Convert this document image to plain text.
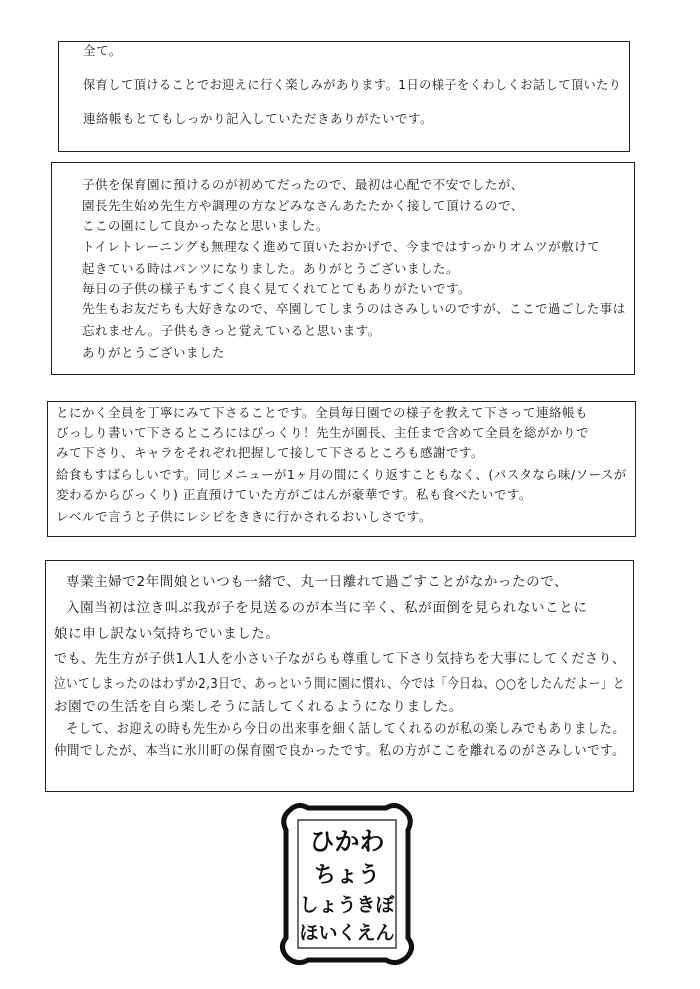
全て。
保育して頂けることでお迎えに行く楽しみがあります。1日の様子をくわしくお話して頂いたり
連絡帳もとてもしっかり記入していただきありがたいです。
子供を保育園に預けるのが初めてだったので、最初は心配で不安でしたが、
園長先生始め先生方や調理の方などみなさんあたたかく接して頂けるので、
ここの園にして良かったなと思いました。
トイレトレーニングも無理なく進めて頂いたおかげで、今まではすっかりオムツが敷けて
起きている時はパンツになりました。ありがとうございました。
毎日の子供の様子もすごく良く見てくれてとてもありがたいです。
先生もお友だちも大好きなので、卒園してしまうのはさみしいのですが、ここで過ごした事は
忘れません。子供もきっと覚えていると思います。
ありがとうございました
とにかく全員を丁寧にみて下さることです。全員毎日園での様子を教えて下さって連絡帳も
びっしり書いて下さるところにはびっくり！先生が園長、主任まで含めて全員を総がかりで
みて下さり、キャラをそれぞれ把握して接して下さるところも感謝です。
給食もすばらしいです。同じメニューが1ヶ月の間にくり返すこともなく、(パスタなら味/ソースが
変わるからびっくり) 正直預けていた方がごはんが豪華です。私も食べたいです。
レベルで言うと子供にレシピをききに行かされるおいしさです。
専業主婦で2年間娘といつも一緒で、丸一日離れて過ごすことがなかったので、
入園当初は泣き叫ぶ我が子を見送るのが本当に辛く、私が面倒を見られないことに
娘に申し訳ない気持ちでいました。
でも、先生方が子供1人1人を小さい子ながらも尊重して下さり気持ちを大事にしてくださり、
泣いてしまったのはわずか2,3日で、あっという間に園に慣れ、今では「今日ね、○○をしたんだよー」と
お園での生活を自ら楽しそうに話してくれるようになりました。
そして、お迎えの時も先生から今日の出来事を細く話してくれるのが私の楽しみでもありました。
仲間でしたが、本当に氷川町の保育園で良かったです。私の方がここを離れるのがさみしいです。
ひかわ
ちょう
しょうきぼ
ほいくえん
